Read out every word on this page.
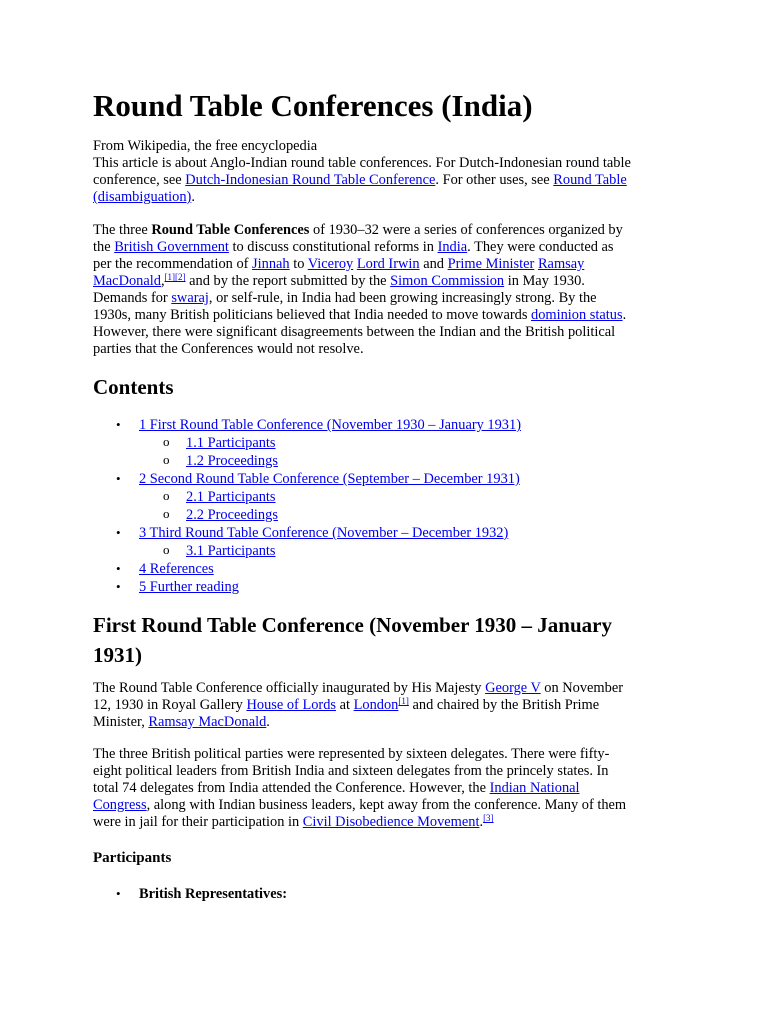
Round Table Conferences (India)

From Wikipedia, the free encyclopedia

This article is about Anglo-Indian round table conferences. For Dutch-Indonesian round table

conference, see Dutch-Indonesian Round Table Conference. For other uses, see Round Table

(disambiguation).

The three Round Table Conferences of 1930–32 were a series of conferences organized by

the British Government to discuss constitutional reforms in India. They were conducted as

per the recommendation of Jinnah to Viceroy Lord Irwin and Prime Minister Ramsay

MacDonald,[1][2] and by the report submitted by the Simon Commission in May 1930.

Demands for swaraj, or self-rule, in India had been growing increasingly strong. By the

1930s, many British politicians believed that India needed to move towards dominion status.

However, there were significant disagreements between the Indian and the British political

parties that the Conferences would not resolve.

Contents
• 1 First Round Table Conference (November 1930 – January 1931)
o 1.1 Participants
o 1.2 Proceedings
• 2 Second Round Table Conference (September – December 1931)
o 2.1 Participants
o 2.2 Proceedings
• 3 Third Round Table Conference (November – December 1932)
o 3.1 Participants
• 4 References
• 5 Further reading
First Round Table Conference (November 1930 – January
1931)

The Round Table Conference officially inaugurated by His Majesty George V on November

12, 1930 in Royal Gallery House of Lords at London[1] and chaired by the British Prime

Minister, Ramsay MacDonald.

The three British political parties were represented by sixteen delegates. There were fifty-

eight political leaders from British India and sixteen delegates from the princely states. In

total 74 delegates from India attended the Conference. However, the Indian National

Congress, along with Indian business leaders, kept away from the conference. Many of them

were in jail for their participation in Civil Disobedience Movement.[3]

Participants
• British Representatives:
